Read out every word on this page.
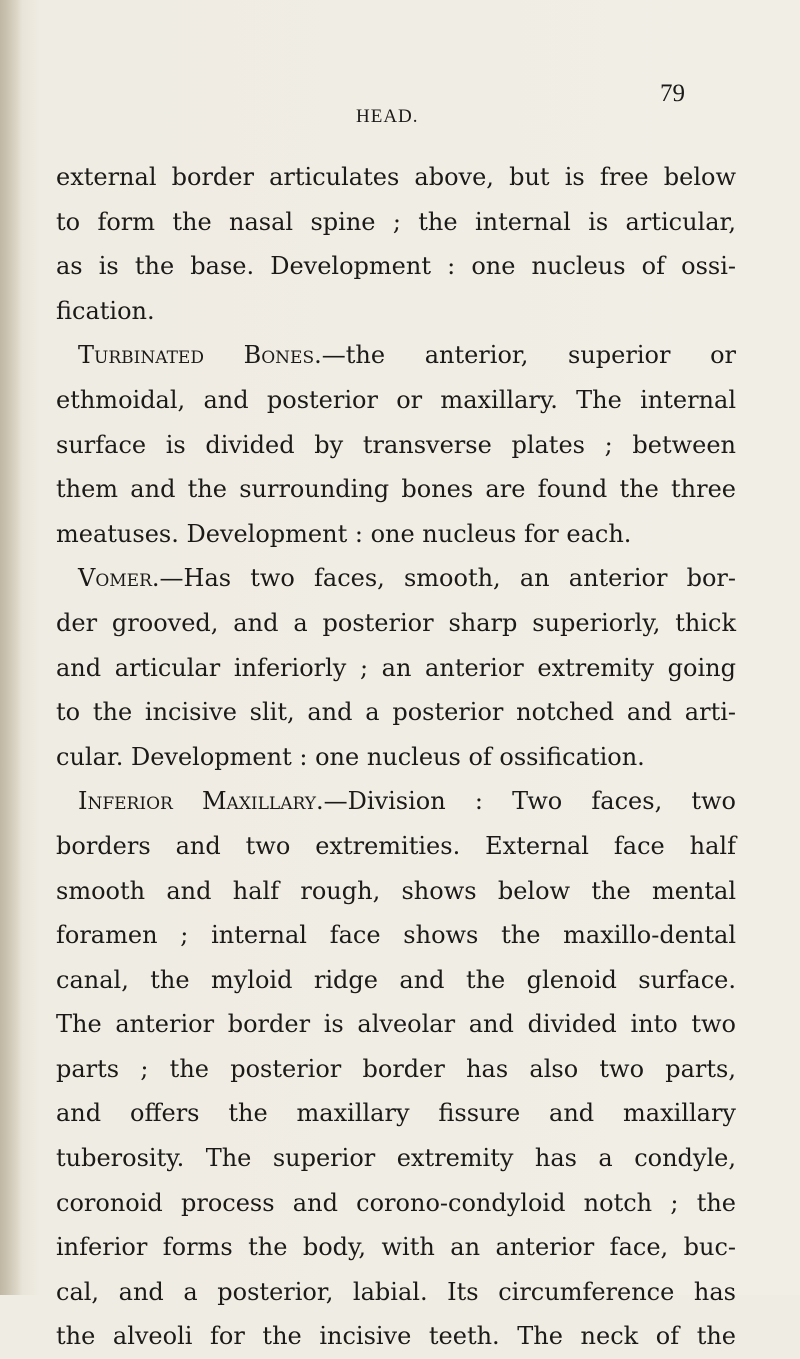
HEAD.
79
external border articulates above, but is free below
to form the nasal spine ; the internal is articular,
as is the base. Development : one nucleus of ossi-
fication.
Turbinated Bones.—the anterior, superior or
ethmoidal, and posterior or maxillary. The internal
surface is divided by transverse plates ; between
them and the surrounding bones are found the three
meatuses. Development : one nucleus for each.
Vomer.—Has two faces, smooth, an anterior bor-
der grooved, and a posterior sharp superiorly, thick
and articular inferiorly ; an anterior extremity going
to the incisive slit, and a posterior notched and arti-
cular. Development : one nucleus of ossification.
Inferior Maxillary.—Division : Two faces, two
borders and two extremities. External face half
smooth and half rough, shows below the mental
foramen ; internal face shows the maxillo-dental
canal, the myloid ridge and the glenoid surface.
The anterior border is alveolar and divided into two
parts ; the posterior border has also two parts,
and offers the maxillary fissure and maxillary
tuberosity. The superior extremity has a condyle,
coronoid process and corono-condyloid notch ; the
inferior forms the body, with an anterior face, buc-
cal, and a posterior, labial. Its circumference has
the alveoli for the incisive teeth. The neck of the
